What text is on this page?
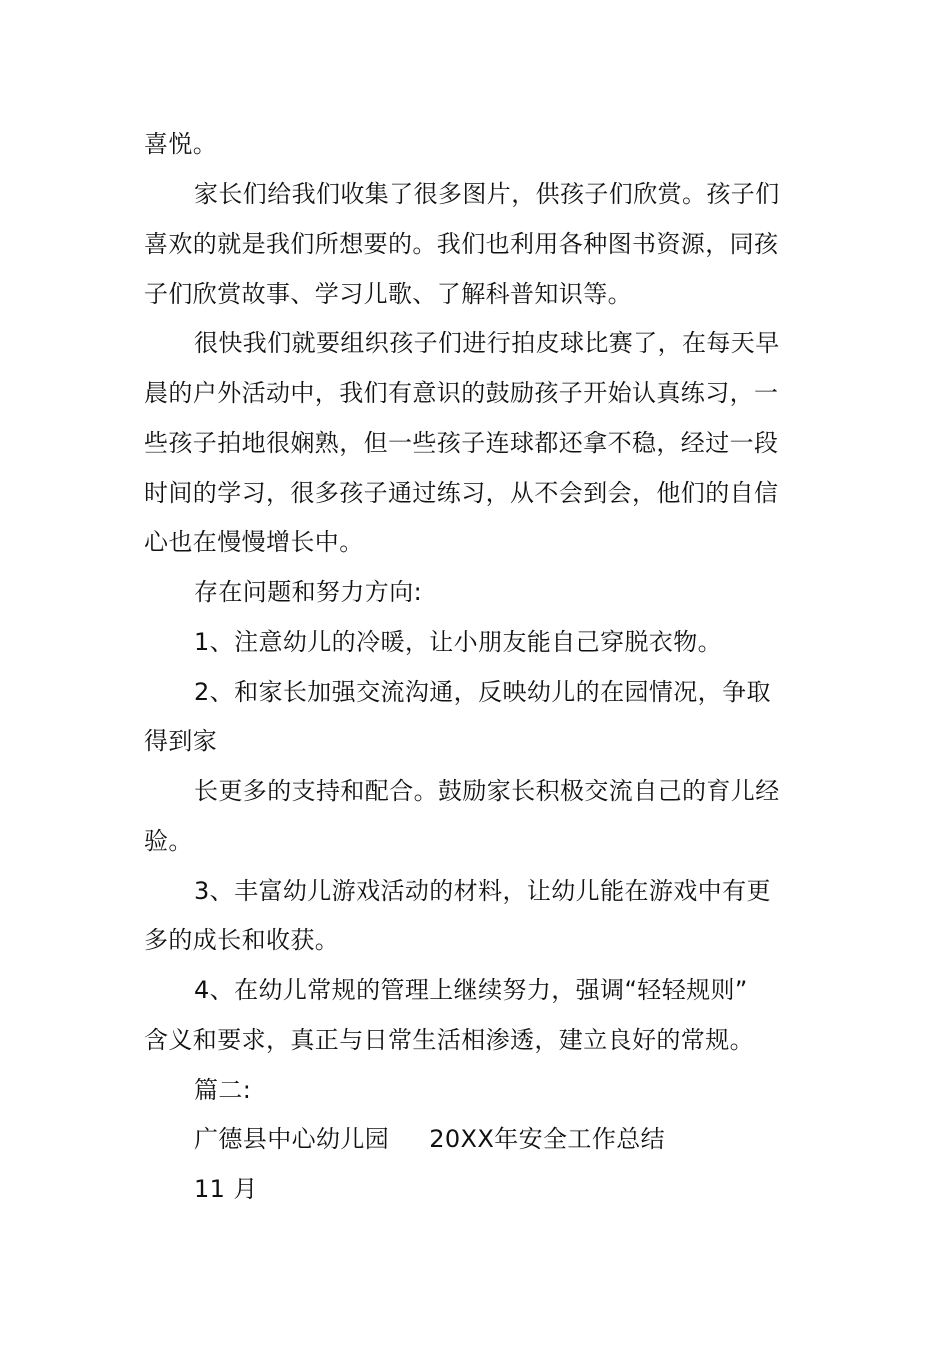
喜悦。
家长们给我们收集了很多图片，供孩子们欣赏。孩子们
喜欢的就是我们所想要的。我们也利用各种图书资源，同孩
子们欣赏故事、学习儿歌、了解科普知识等。
很快我们就要组织孩子们进行拍皮球比赛了，在每天早
晨的户外活动中，我们有意识的鼓励孩子开始认真练习，一
些孩子拍地很娴熟，但一些孩子连球都还拿不稳，经过一段
时间的学习，很多孩子通过练习，从不会到会，他们的自信
心也在慢慢增长中。
存在问题和努力方向:
1、注意幼儿的冷暖，让小朋友能自己穿脱衣物。
2、和家长加强交流沟通，反映幼儿的在园情况，争取
得到家
长更多的支持和配合。鼓励家长积极交流自己的育儿经
验。
3、丰富幼儿游戏活动的材料，让幼儿能在游戏中有更
多的成长和收获。
4、在幼儿常规的管理上继续努力，强调“轻轻规则”
含义和要求，真正与日常生活相渗透，建立良好的常规。
篇二:
广德县中心幼儿园 20XX年安全工作总结
11 月
